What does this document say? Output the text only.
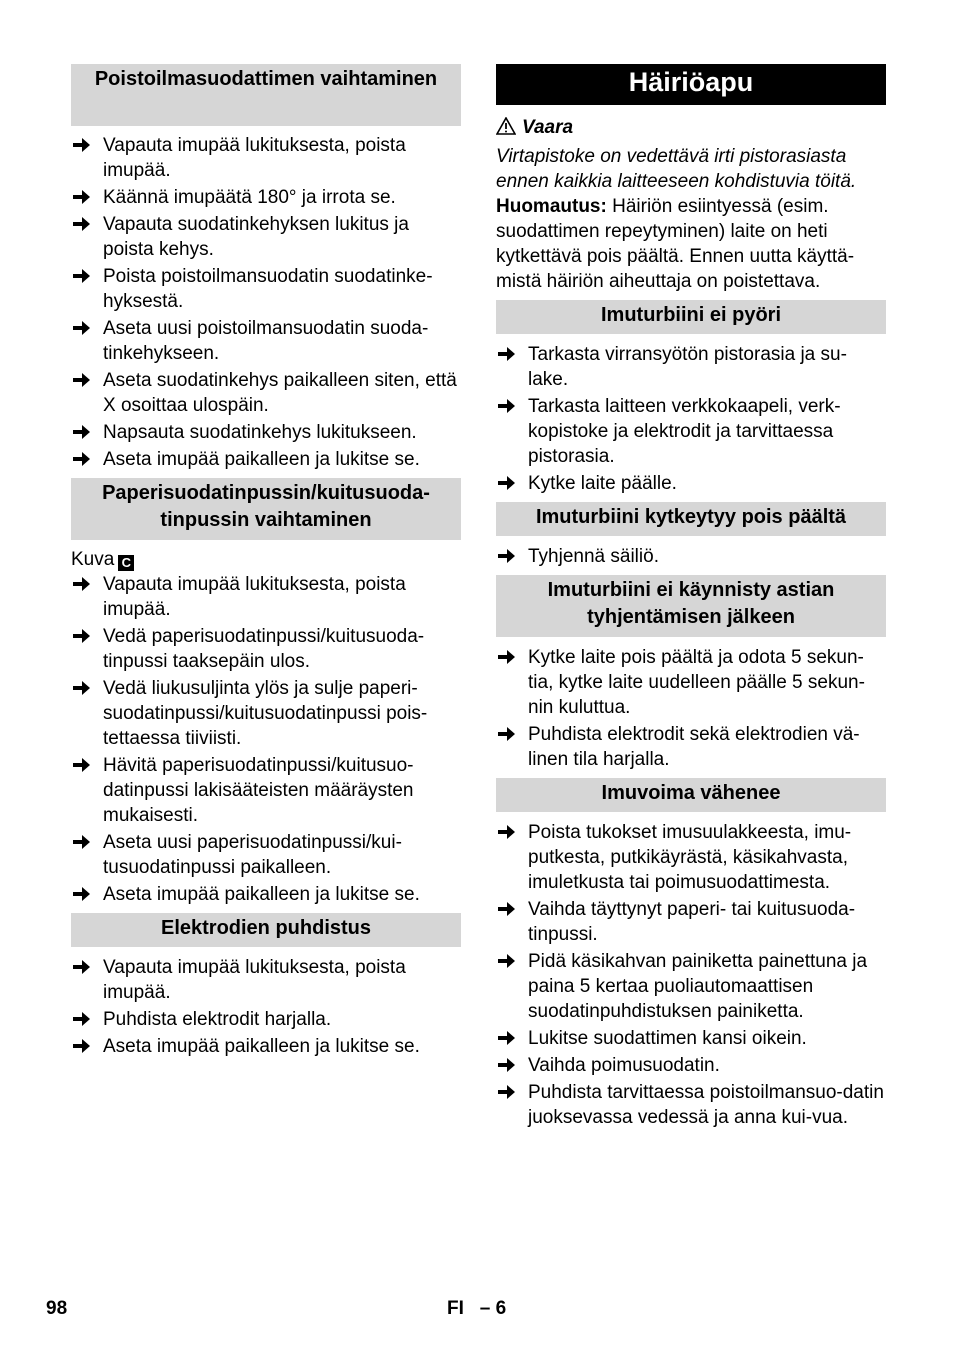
Poistoilmasuodattimen vaihtaminen
Vapauta imupää lukituksesta, poista imupää.
Käännä imupäätä 180° ja irrota se.
Vapauta suodatinkehyksen lukitus ja poista kehys.
Poista poistoilmansuodatin suodatinke-hyksestä.
Aseta uusi poistoilmansuodatin suoda-tinkehykseen.
Aseta suodatinkehys paikalleen siten, että X osoittaa ulospäin.
Napsauta suodatinkehys lukitukseen.
Aseta imupää paikalleen ja lukitse se.
Paperisuodatinpussin/kuitusuoda-tinpussin vaihtaminen

Kuva C

Vapauta imupää lukituksesta, poista imupää.
Vedä paperisuodatinpussi/kuitusuoda-tinpussi taaksepäin ulos.
Vedä liukusuljinta ylös ja sulje paperi-suodatinpussi/kuitusuodatinpussi pois-tettaessa tiiviisti.
Hävitä paperisuodatinpussi/kuitusuo-datinpussi lakisääteisten määräysten mukaisesti.
Aseta uusi paperisuodatinpussi/kui-tusuodatinpussi paikalleen.
Aseta imupää paikalleen ja lukitse se.
Elektrodien puhdistus
Vapauta imupää lukituksesta, poista imupää.
Puhdista elektrodit harjalla.
Aseta imupää paikalleen ja lukitse se.
Häiriöapu
Vaara

Virtapistoke on vedettävä irti pistorasiasta ennen kaikkia laitteeseen kohdistuvia töitä.

Huomautus: Häiriön esiintyessä (esim. suodattimen repeytyminen) laite on heti kytkettävä pois päältä. Ennen uutta käyttä-mistä häiriön aiheuttaja on poistettava.

Imuturbiini ei pyöri
Tarkasta virransyötön pistorasia ja su-lake.
Tarkasta laitteen verkkokaapeli, verk-kopistoke ja elektrodit ja tarvittaessa pistorasia.
Kytke laite päälle.
Imuturbiini kytkeytyy pois päältä
Tyhjennä säiliö.
Imuturbiini ei käynnisty astian tyhjentämisen jälkeen
Kytke laite pois päältä ja odota 5 sekun-tia, kytke laite uudelleen päälle 5 sekun-nin kuluttua.
Puhdista elektrodit sekä elektrodien vä-linen tila harjalla.
Imuvoima vähenee
Poista tukokset imusuulakkeesta, imu-putkesta, putkikäyrästä, käsikahvasta, imuletkusta tai poimusuodattimesta.
Vaihda täyttynyt paperi- tai kuitusuoda-tinpussi.
Pidä käsikahvan painiketta painettuna ja paina 5 kertaa puoliautomaattisen suodatinpuhdistuksen painiketta.
Lukitse suodattimen kansi oikein.
Vaihda poimusuodatin.
Puhdista tarvittaessa poistoilmansuo-datin juoksevassa vedessä ja anna kui-vua.
98	FI   – 6
